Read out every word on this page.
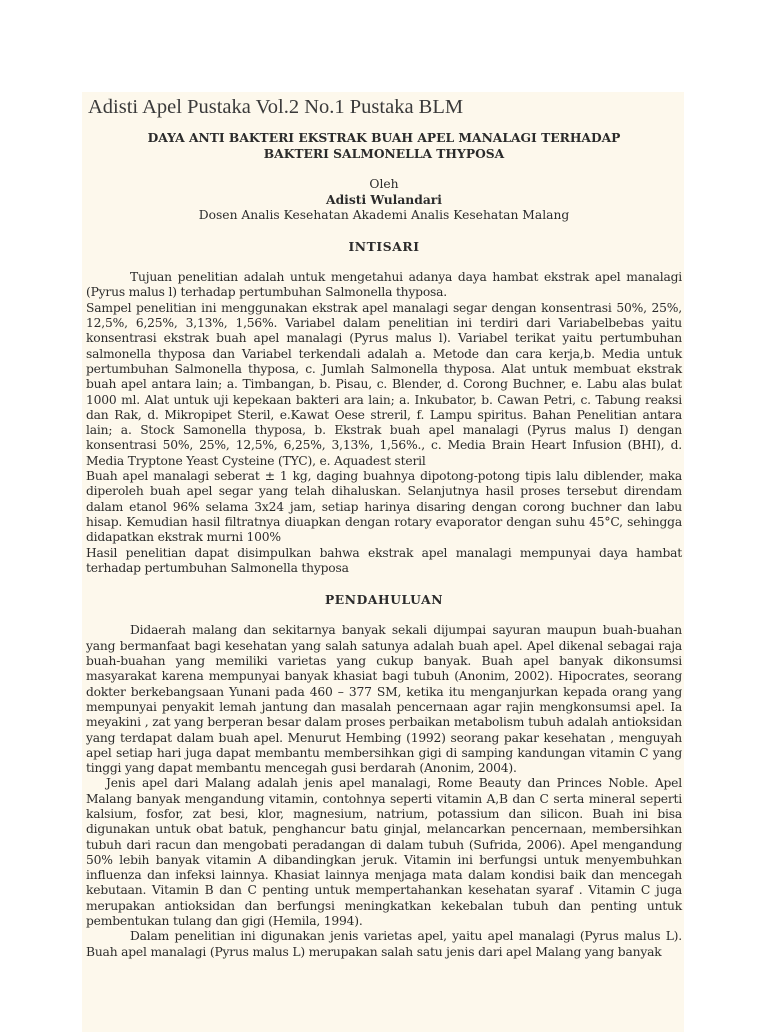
Adisti Apel Pustaka Vol.2 No.1 Pustaka BLM
DAYA ANTI BAKTERI EKSTRAK BUAH APEL MANALAGI TERHADAP
BAKTERI SALMONELLA THYPOSA

Oleh

Adisti Wulandari

Dosen Analis Kesehatan Akademi Analis Kesehatan Malang

INTISARI

Tujuan penelitian adalah untuk mengetahui adanya daya hambat ekstrak apel manalagi (Pyrus malus l) terhadap pertumbuhan Salmonella thyposa.

Sampel penelitian ini menggunakan ekstrak apel manalagi segar dengan konsentrasi 50%, 25%, 12,5%, 6,25%, 3,13%, 1,56%. Variabel dalam penelitian ini terdiri dari Variabelbebas yaitu konsentrasi ekstrak buah apel manalagi (Pyrus malus l). Variabel terikat yaitu pertumbuhan salmonella thyposa dan Variabel terkendali adalah a. Metode dan cara kerja,b. Media untuk pertumbuhan Salmonella thyposa, c. Jumlah Salmonella thyposa. Alat untuk membuat ekstrak buah apel antara lain; a. Timbangan, b. Pisau, c. Blender, d. Corong Buchner, e. Labu alas bulat 1000 ml. Alat untuk uji kepekaan bakteri ara lain; a. Inkubator, b. Cawan Petri, c. Tabung reaksi dan Rak, d. Mikropipet Steril, e.Kawat Oese streril, f. Lampu spiritus. Bahan Penelitian antara lain; a. Stock Samonella thyposa, b. Ekstrak buah apel manalagi (Pyrus malus I) dengan konsentrasi 50%, 25%, 12,5%, 6,25%, 3,13%, 1,56%., c. Media Brain Heart Infusion (BHI), d. Media Tryptone Yeast Cysteine (TYC), e. Aquadest steril

Buah apel manalagi seberat ± 1 kg, daging buahnya dipotong-potong tipis lalu diblender, maka diperoleh buah apel segar yang telah dihaluskan. Selanjutnya hasil proses tersebut direndam dalam etanol 96% selama 3x24 jam, setiap harinya disaring dengan corong buchner dan labu hisap. Kemudian hasil filtratnya diuapkan dengan rotary evaporator dengan suhu 45°C, sehingga didapatkan ekstrak murni 100%

Hasil penelitian dapat disimpulkan bahwa ekstrak apel manalagi mempunyai daya hambat terhadap pertumbuhan Salmonella thyposa

PENDAHULUAN

Didaerah malang dan sekitarnya banyak sekali dijumpai sayuran maupun buah-buahan yang bermanfaat bagi kesehatan yang salah satunya adalah buah apel. Apel dikenal sebagai raja buah-buahan yang memiliki varietas yang cukup banyak. Buah apel banyak dikonsumsi masyarakat karena mempunyai banyak khasiat bagi tubuh (Anonim, 2002). Hipocrates, seorang dokter berkebangsaan Yunani pada 460 – 377 SM, ketika itu menganjurkan kepada orang yang mempunyai penyakit lemah jantung dan masalah pencernaan agar rajin mengkonsumsi apel. Ia meyakini , zat yang berperan besar dalam proses perbaikan metabolism tubuh adalah antioksidan yang terdapat dalam buah apel. Menurut Hembing (1992) seorang pakar kesehatan , menguyah apel setiap hari juga dapat membantu membersihkan gigi di samping kandungan vitamin C yang tinggi yang dapat membantu mencegah gusi berdarah (Anonim, 2004).

Jenis apel dari Malang adalah jenis apel manalagi, Rome Beauty dan Princes Noble. Apel Malang banyak mengandung vitamin, contohnya seperti vitamin A,B dan C serta mineral seperti kalsium, fosfor, zat besi, klor, magnesium, natrium, potassium dan silicon. Buah ini bisa digunakan untuk obat batuk, penghancur batu ginjal, melancarkan pencernaan, membersihkan tubuh dari racun dan mengobati peradangan di dalam tubuh (Sufrida, 2006). Apel mengandung 50% lebih banyak vitamin A dibandingkan jeruk. Vitamin ini berfungsi untuk menyembuhkan influenza dan infeksi lainnya. Khasiat lainnya menjaga mata dalam kondisi baik dan mencegah kebutaan. Vitamin B dan C penting untuk mempertahankan kesehatan syaraf . Vitamin C juga merupakan antioksidan dan berfungsi meningkatkan kekebalan tubuh dan penting untuk pembentukan tulang dan gigi (Hemila, 1994).

Dalam penelitian ini digunakan jenis varietas apel, yaitu apel manalagi (Pyrus malus L). Buah apel manalagi (Pyrus malus L) merupakan salah satu jenis dari apel Malang yang banyak
